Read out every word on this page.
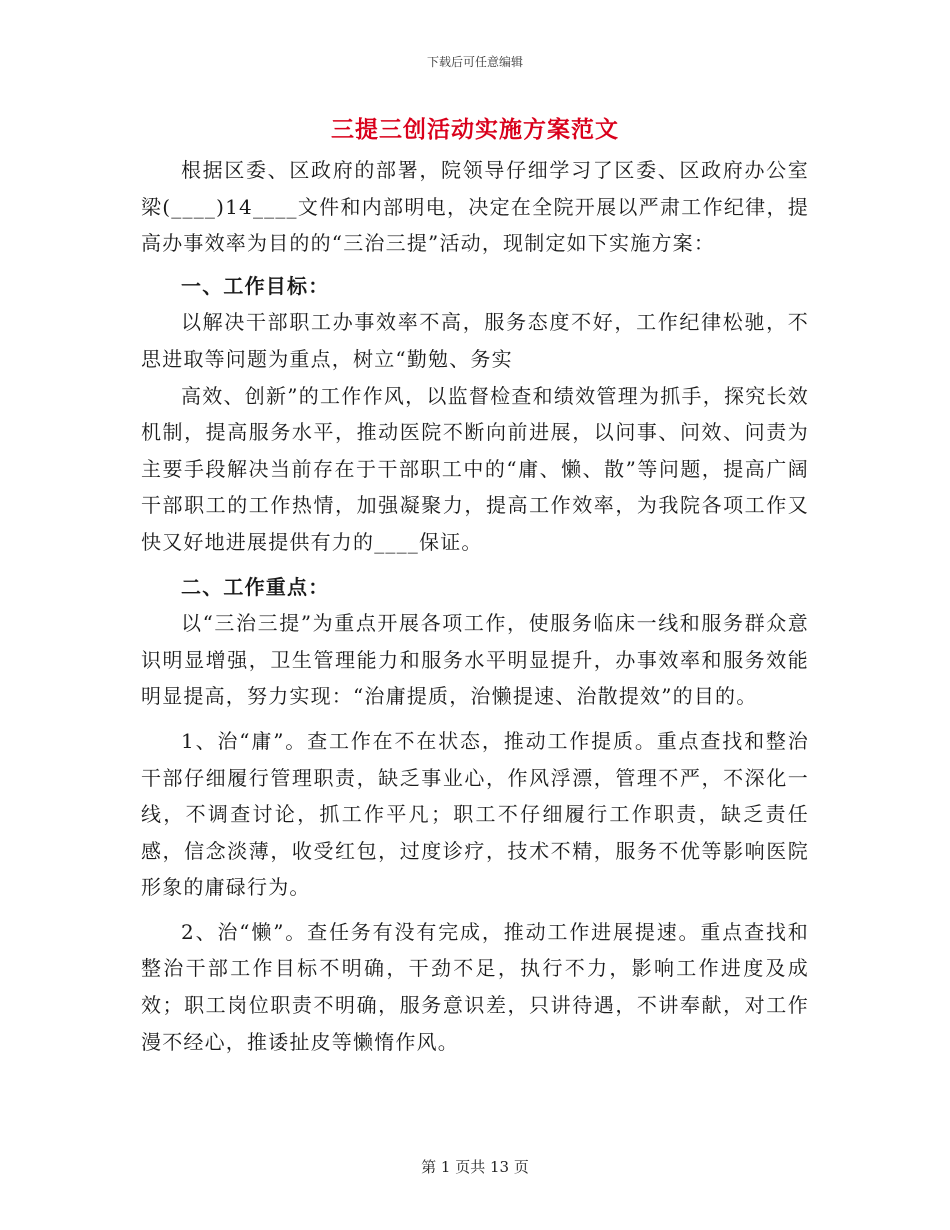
下载后可任意编辑
三提三创活动实施方案范文

根据区委、区政府的部署，院领导仔细学习了区委、区政府办公室梁(____)14____文件和内部明电，决定在全院开展以严肃工作纪律，提高办事效率为目的的“三治三提”活动，现制定如下实施方案：

一、工作目标：

以解决干部职工办事效率不高，服务态度不好，工作纪律松驰，不思进取等问题为重点，树立“勤勉、务实

高效、创新”的工作作风，以监督检查和绩效管理为抓手，探究长效机制，提高服务水平，推动医院不断向前进展，以问事、问效、问责为主要手段解决当前存在于干部职工中的“庸、懒、散”等问题，提高广阔干部职工的工作热情，加强凝聚力，提高工作效率，为我院各项工作又快又好地进展提供有力的____保证。

二、工作重点：

以“三治三提”为重点开展各项工作，使服务临床一线和服务群众意识明显增强，卫生管理能力和服务水平明显提升，办事效率和服务效能明显提高，努力实现：“治庸提质，治懒提速、治散提效”的目的。

1、治“庸”。查工作在不在状态，推动工作提质。重点查找和整治干部仔细履行管理职责，缺乏事业心，作风浮漂，管理不严，不深化一线，不调查讨论，抓工作平凡；职工不仔细履行工作职责，缺乏责任感，信念淡薄，收受红包，过度诊疗，技术不精，服务不优等影响医院形象的庸碌行为。

2、治“懒”。查任务有没有完成，推动工作进展提速。重点查找和整治干部工作目标不明确，干劲不足，执行不力，影响工作进度及成效；职工岗位职责不明确，服务意识差，只讲待遇，不讲奉献，对工作漫不经心，推诿扯皮等懒惰作风。

第 1 页共 13 页
